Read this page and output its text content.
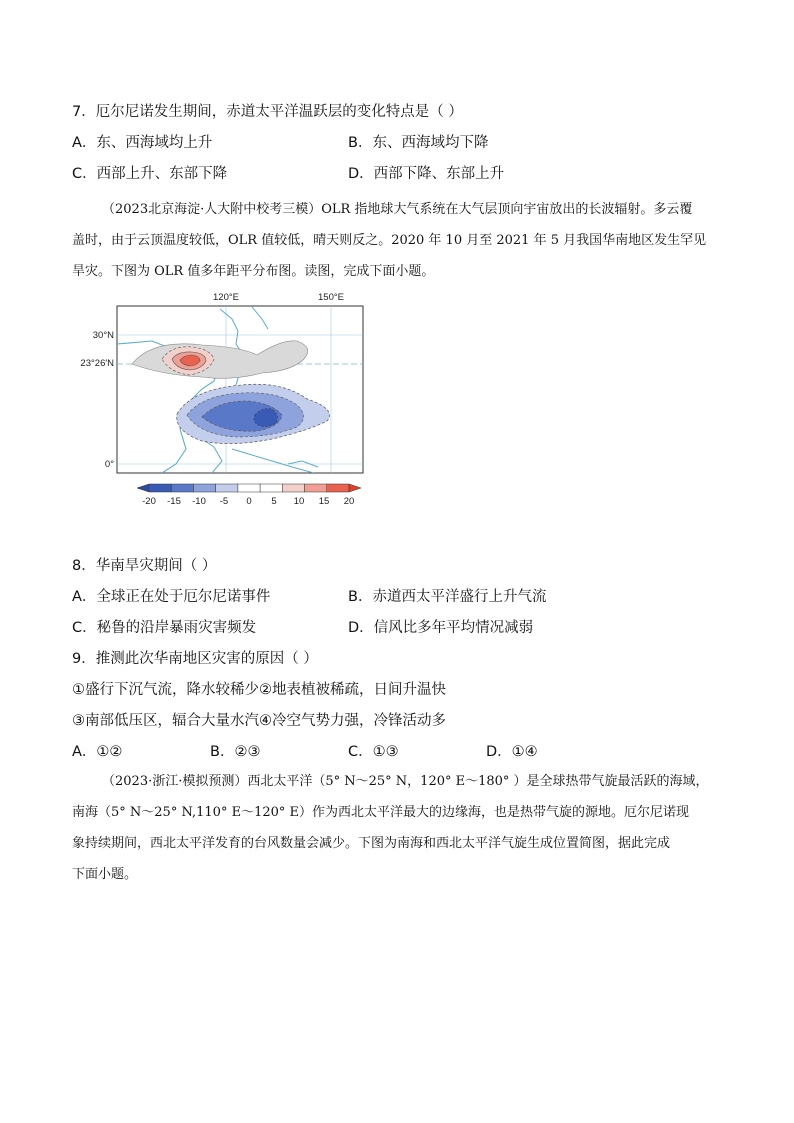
7．厄尔尼诺发生期间，赤道太平洋温跃层的变化特点是（ ）
A．东、西海域均上升	B．东、西海域均下降
C．西部上升、东部下降	D．西部下降、东部上升
（2023北京海淀·人大附中校考三模）OLR 指地球大气系统在大气层顶向宇宙放出的长波辐射。多云覆
盖时，由于云顶温度较低，OLR 值较低，晴天则反之。2020 年 10 月至 2021 年 5 月我国华南地区发生罕见
旱灾。下图为 OLR 值多年距平分布图。读图，完成下面小题。
120°E	150°E
30°N
23°26′N
0°
-20 -15 -10 -5 0 5 10 15 20
8．华南旱灾期间（ ）
A．全球正在处于厄尔尼诺事件	B．赤道西太平洋盛行上升气流
C．秘鲁的沿岸暴雨灾害频发	D．信风比多年平均情况减弱
9．推测此次华南地区灾害的原因（ ）
①盛行下沉气流，降水较稀少②地表植被稀疏，日间升温快
③南部低压区，辐合大量水汽④冷空气势力强，冷锋活动多
A．①②	B．②③	C．①③	D．①④
（2023·浙江·模拟预测）西北太平洋（5° N～25° N，120° E～180° ）是全球热带气旋最活跃的海域，
南海（5° N～25° N,110° E～120° E）作为西北太平洋最大的边缘海，也是热带气旋的源地。厄尔尼诺现
象持续期间，西北太平洋发育的台风数量会减少。下图为南海和西北太平洋气旋生成位置简图，据此完成
下面小题。
